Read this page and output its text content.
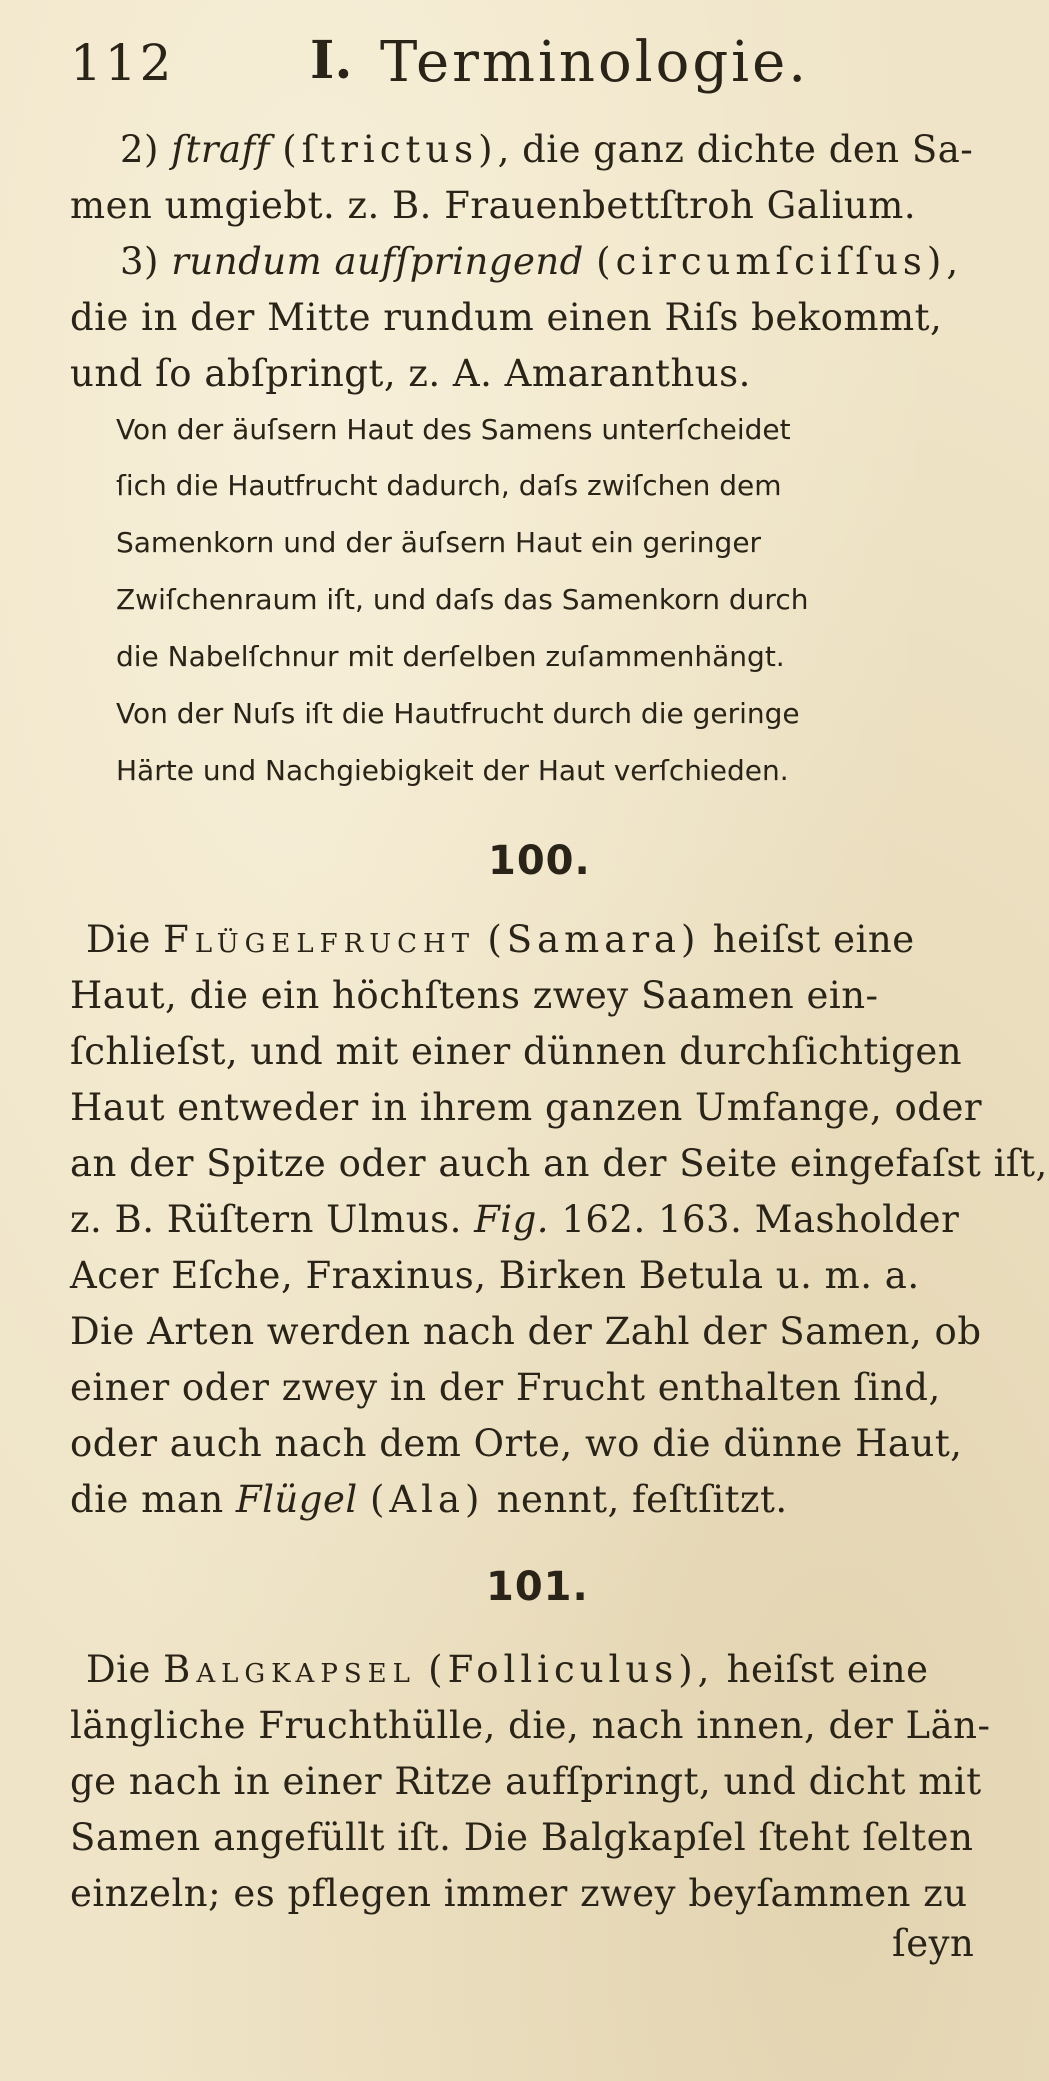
112	I. Terminologie.
2) ſtraff (ſtrictus), die ganz dichte den Sa-
men umgiebt. z. B. Frauenbettſtroh Galium.
3) rundum aufſpringend (circumſciſſus),
die in der Mitte rundum einen Riſs bekommt,
und ſo abſpringt, z. A. Amaranthus.
Von der äuſsern Haut des Samens unterſcheidet
ſich die Hautfrucht dadurch, daſs zwiſchen dem
Samenkorn und der äuſsern Haut ein geringer
Zwiſchenraum iſt, und daſs das Samenkorn durch
die Nabelſchnur mit derſelben zuſammenhängt.
Von der Nuſs iſt die Hautfrucht durch die geringe
Härte und Nachgiebigkeit der Haut verſchieden.
100.
Die Flügelfrucht (Samara) heiſst eine
Haut, die ein höchſtens zwey Saamen ein-
ſchlieſst, und mit einer dünnen durchſichtigen
Haut entweder in ihrem ganzen Umfange, oder
an der Spitze oder auch an der Seite eingefaſst iſt,
z. B. Rüſtern Ulmus. Fig. 162. 163. Masholder
Acer Eſche, Fraxinus, Birken Betula u. m. a.
Die Arten werden nach der Zahl der Samen, ob
einer oder zwey in der Frucht enthalten ſind,
oder auch nach dem Orte, wo die dünne Haut,
die man Flügel (Ala) nennt, feſtſitzt.
101.
Die Balgkapſel (Folliculus), heiſst eine
längliche Fruchthülle, die, nach innen, der Län-
ge nach in einer Ritze aufſpringt, und dicht mit
Samen angefüllt iſt. Die Balgkapſel ſteht ſelten
einzeln; es pflegen immer zwey beyſammen zu
ſeyn
